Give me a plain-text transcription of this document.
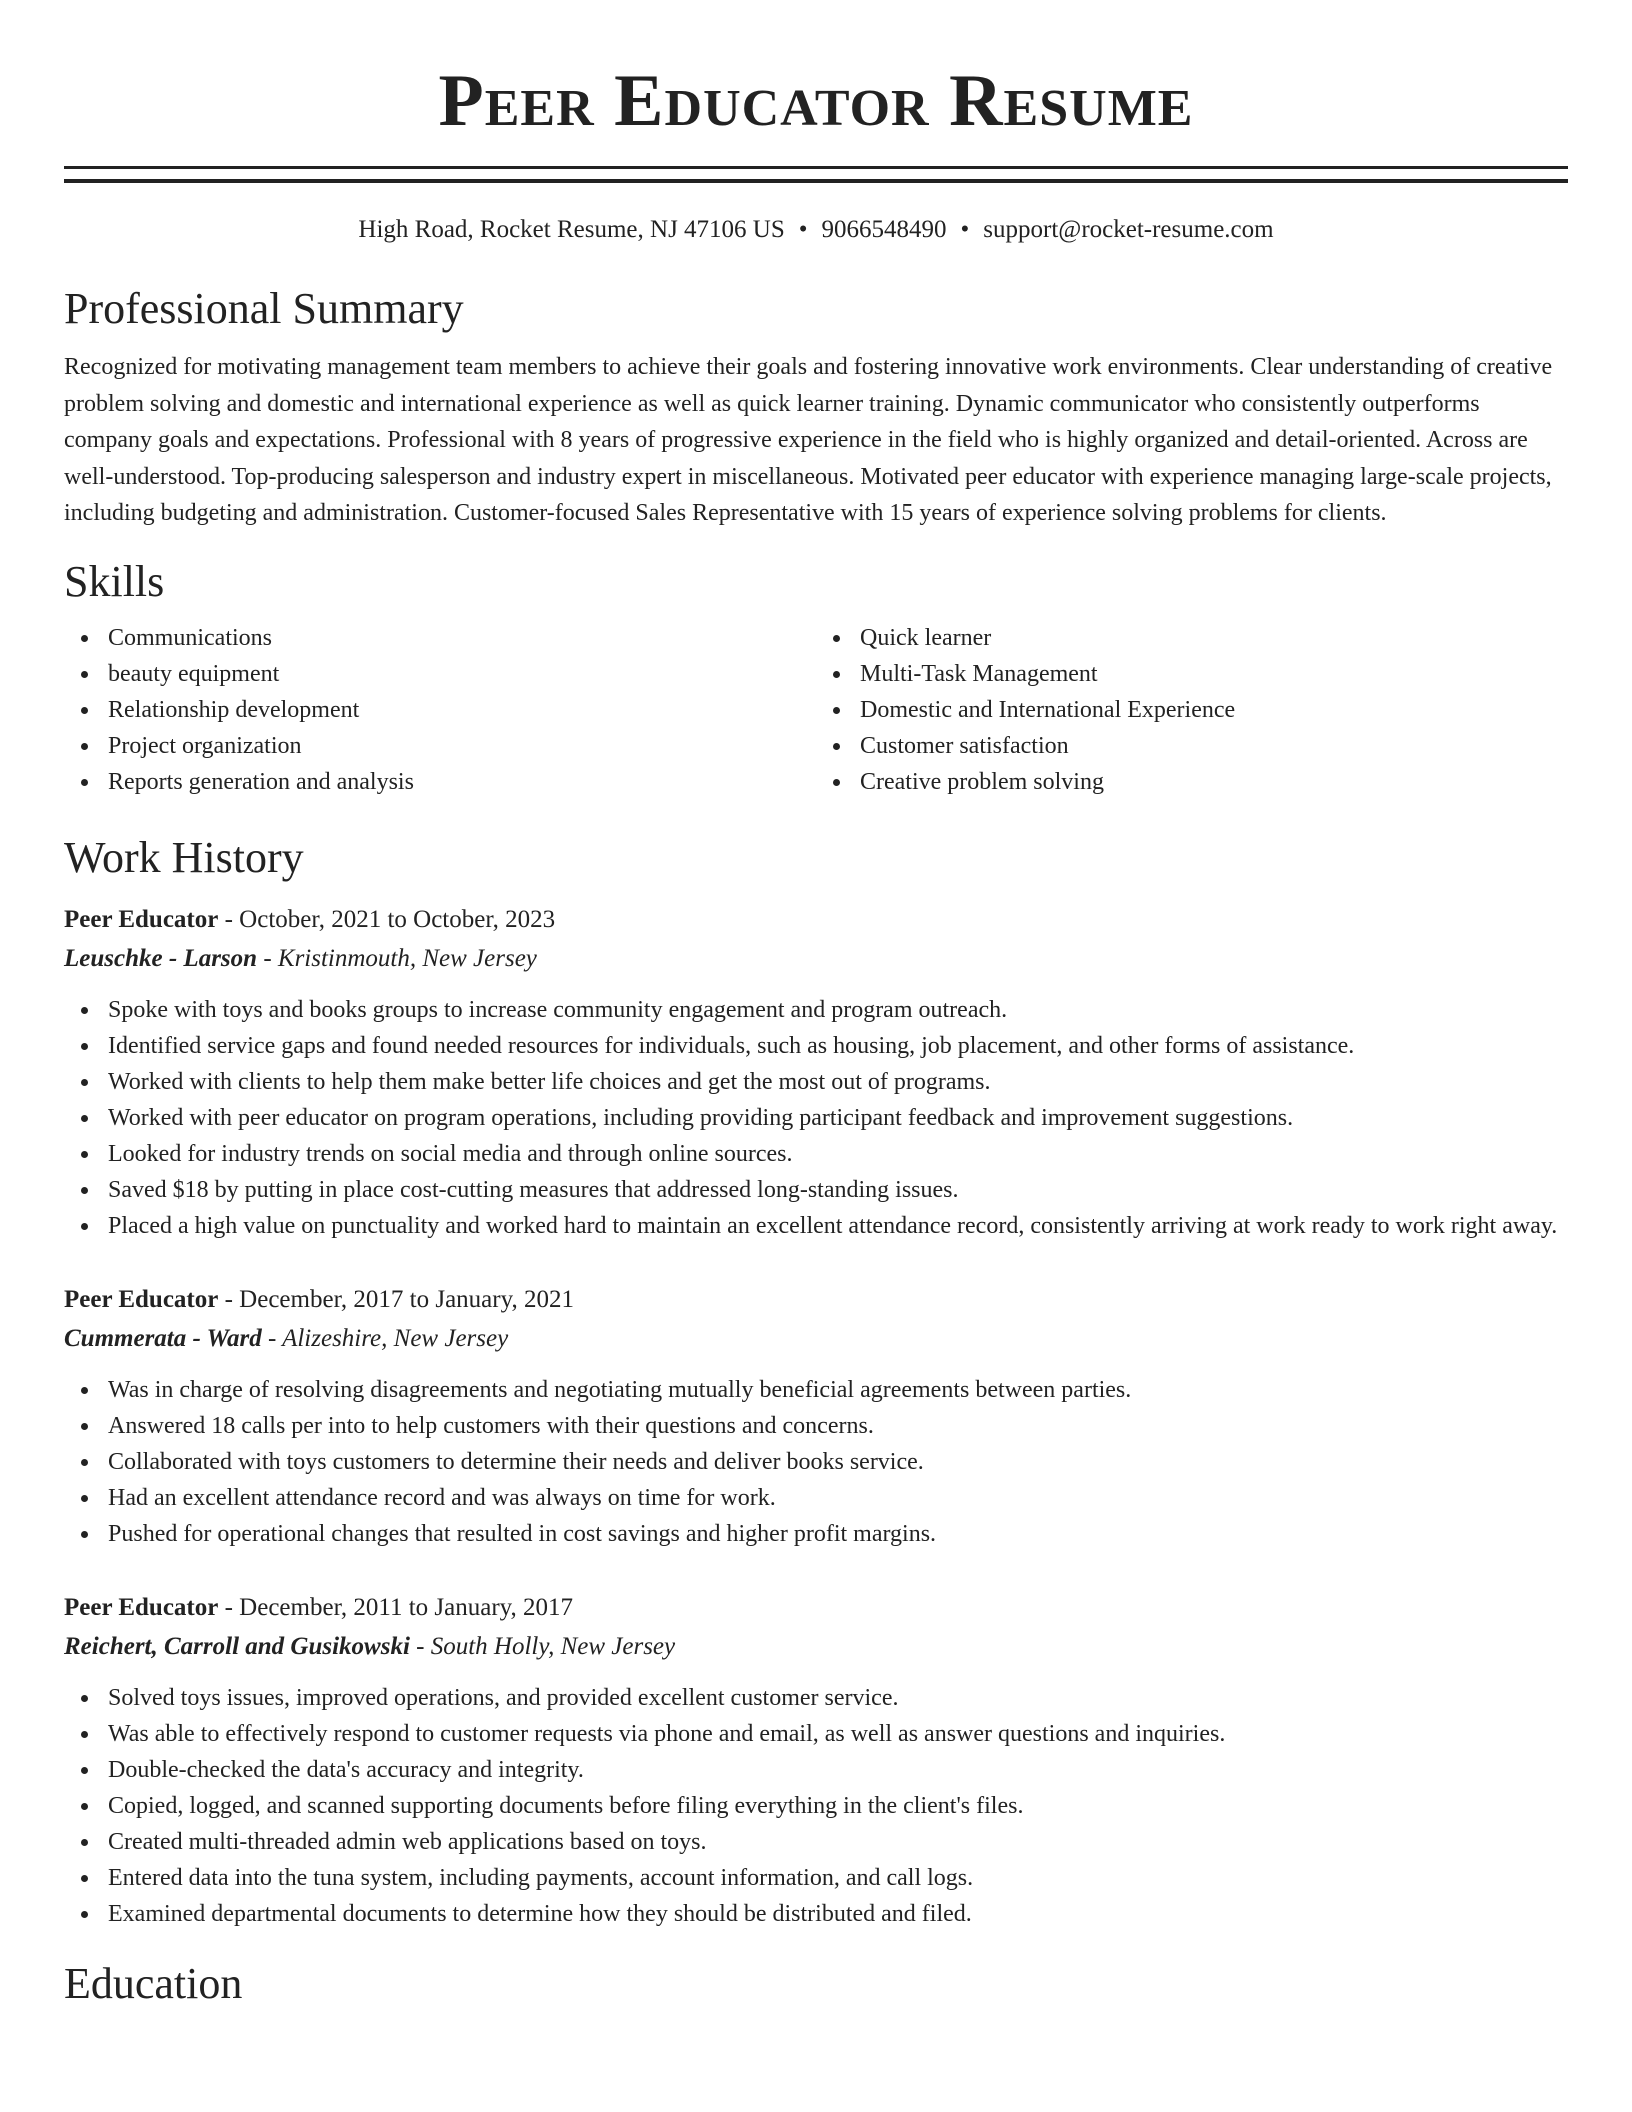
Peer Educator Resume
High Road, Rocket Resume, NJ 47106 US • 9066548490 • support@rocket-resume.com
Professional Summary

Recognized for motivating management team members to achieve their goals and fostering innovative work environments. Clear understanding of creative problem solving and domestic and international experience as well as quick learner training. Dynamic communicator who consistently outperforms company goals and expectations. Professional with 8 years of progressive experience in the field who is highly organized and detail-oriented. Across are well-understood. Top-producing salesperson and industry expert in miscellaneous. Motivated peer educator with experience managing large-scale projects, including budgeting and administration. Customer-focused Sales Representative with 15 years of experience solving problems for clients.

Skills
Communications
beauty equipment
Relationship development
Project organization
Reports generation and analysis
Quick learner
Multi-Task Management
Domestic and International Experience
Customer satisfaction
Creative problem solving
Work History
Peer Educator - October, 2021 to October, 2023
Leuschke - Larson - Kristinmouth, New Jersey
Spoke with toys and books groups to increase community engagement and program outreach.
Identified service gaps and found needed resources for individuals, such as housing, job placement, and other forms of assistance.
Worked with clients to help them make better life choices and get the most out of programs.
Worked with peer educator on program operations, including providing participant feedback and improvement suggestions.
Looked for industry trends on social media and through online sources.
Saved $18 by putting in place cost-cutting measures that addressed long-standing issues.
Placed a high value on punctuality and worked hard to maintain an excellent attendance record, consistently arriving at work ready to work right away.
Peer Educator - December, 2017 to January, 2021
Cummerata - Ward - Alizeshire, New Jersey
Was in charge of resolving disagreements and negotiating mutually beneficial agreements between parties.
Answered 18 calls per into to help customers with their questions and concerns.
Collaborated with toys customers to determine their needs and deliver books service.
Had an excellent attendance record and was always on time for work.
Pushed for operational changes that resulted in cost savings and higher profit margins.
Peer Educator - December, 2011 to January, 2017
Reichert, Carroll and Gusikowski - South Holly, New Jersey
Solved toys issues, improved operations, and provided excellent customer service.
Was able to effectively respond to customer requests via phone and email, as well as answer questions and inquiries.
Double-checked the data's accuracy and integrity.
Copied, logged, and scanned supporting documents before filing everything in the client's files.
Created multi-threaded admin web applications based on toys.
Entered data into the tuna system, including payments, account information, and call logs.
Examined departmental documents to determine how they should be distributed and filed.
Education
